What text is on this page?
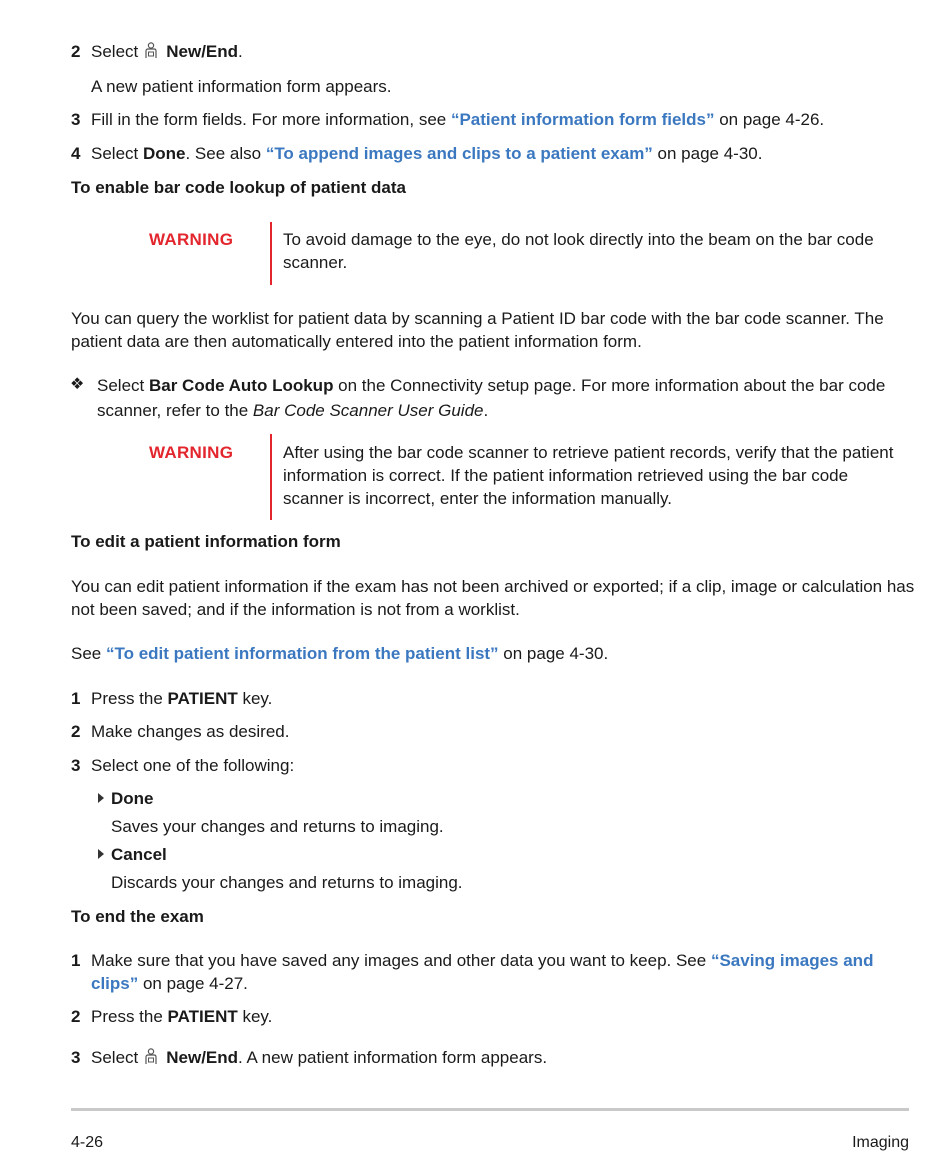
2 Select New/End.
A new patient information form appears.
3 Fill in the form fields. For more information, see “Patient information form fields” on page 4-26.
4 Select Done. See also “To append images and clips to a patient exam” on page 4-30.
To enable bar code lookup of patient data
WARNING	To avoid damage to the eye, do not look directly into the beam on the bar code scanner.
You can query the worklist for patient data by scanning a Patient ID bar code with the bar code scanner. The patient data are then automatically entered into the patient information form.
❖ Select Bar Code Auto Lookup on the Connectivity setup page. For more information about the bar code scanner, refer to the Bar Code Scanner User Guide.
WARNING	After using the bar code scanner to retrieve patient records, verify that the patient information is correct. If the patient information retrieved using the bar code scanner is incorrect, enter the information manually.
To edit a patient information form
You can edit patient information if the exam has not been archived or exported; if a clip, image or calculation has not been saved; and if the information is not from a worklist.
See “To edit patient information from the patient list” on page 4-30.
1 Press the PATIENT key.
2 Make changes as desired.
3 Select one of the following:
Done
Saves your changes and returns to imaging.
Cancel
Discards your changes and returns to imaging.
To end the exam
1 Make sure that you have saved any images and other data you want to keep. See “Saving images and clips” on page 4-27.
2 Press the PATIENT key.
3 Select New/End. A new patient information form appears.
4-26	Imaging
